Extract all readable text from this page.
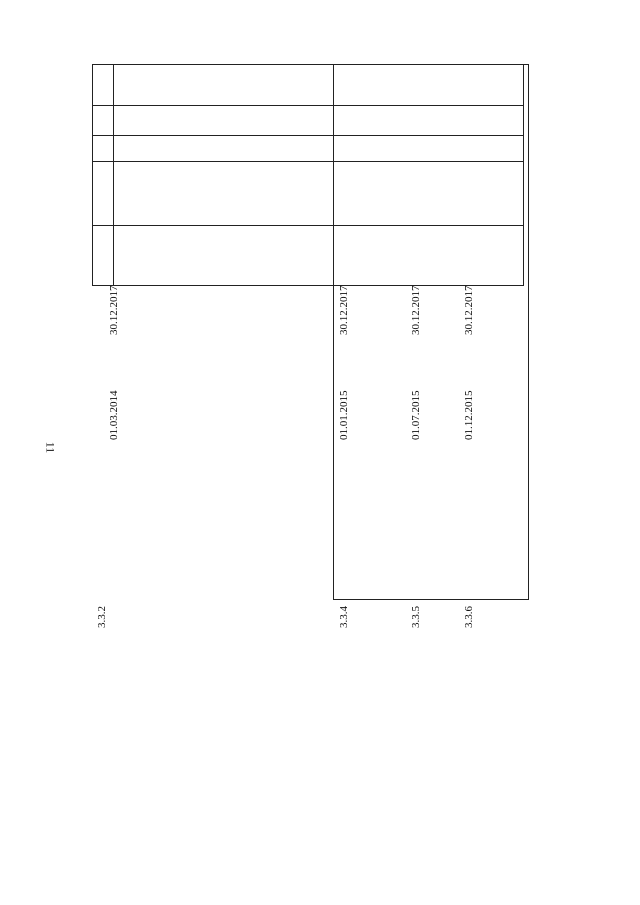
11
3.3.2
01.03.2014
30.12.2017
3.3.4
01.01.2015
30.12.2017
3.3.5
01.07.2015
30.12.2017
3.3.6
01.12.2015
30.12.2017
